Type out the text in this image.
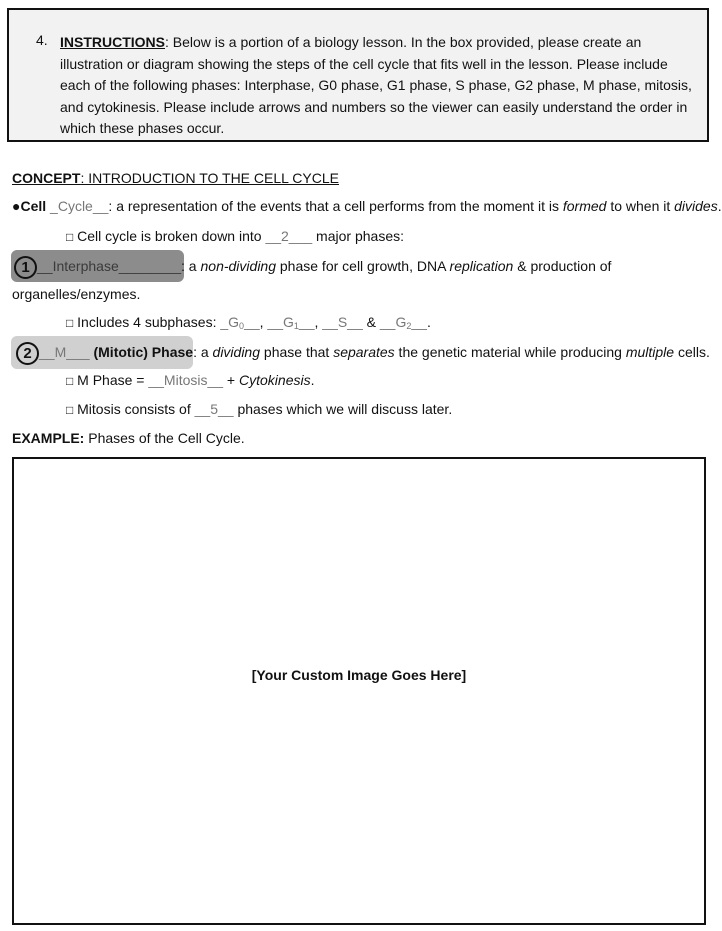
4. INSTRUCTIONS: Below is a portion of a biology lesson. In the box provided, please create an illustration or diagram showing the steps of the cell cycle that fits well in the lesson. Please include each of the following phases: Interphase, G0 phase, G1 phase, S phase, G2 phase, M phase, mitosis, and cytokinesis. Please include arrows and numbers so the viewer can easily understand the order in which these phases occur.
CONCEPT: INTRODUCTION TO THE CELL CYCLE
●Cell _Cycle__: a representation of the events that a cell performs from the moment it is formed to when it divides.
□ Cell cycle is broken down into __2___ major phases:
1 __Interphase________: a non-dividing phase for cell growth, DNA replication & production of
organelles/enzymes.
□ Includes 4 subphases: $\_G_0\_\_$, $\_\_G_1\_\_$, __S__ & $\_\_G_2\_\_$.
2 __M___ (Mitotic) Phase: a dividing phase that separates the genetic material while producing multiple cells.
□ M Phase = __Mitosis__ + Cytokinesis.
□ Mitosis consists of __5__ phases which we will discuss later.
EXAMPLE: Phases of the Cell Cycle.
[Your Custom Image Goes Here]
